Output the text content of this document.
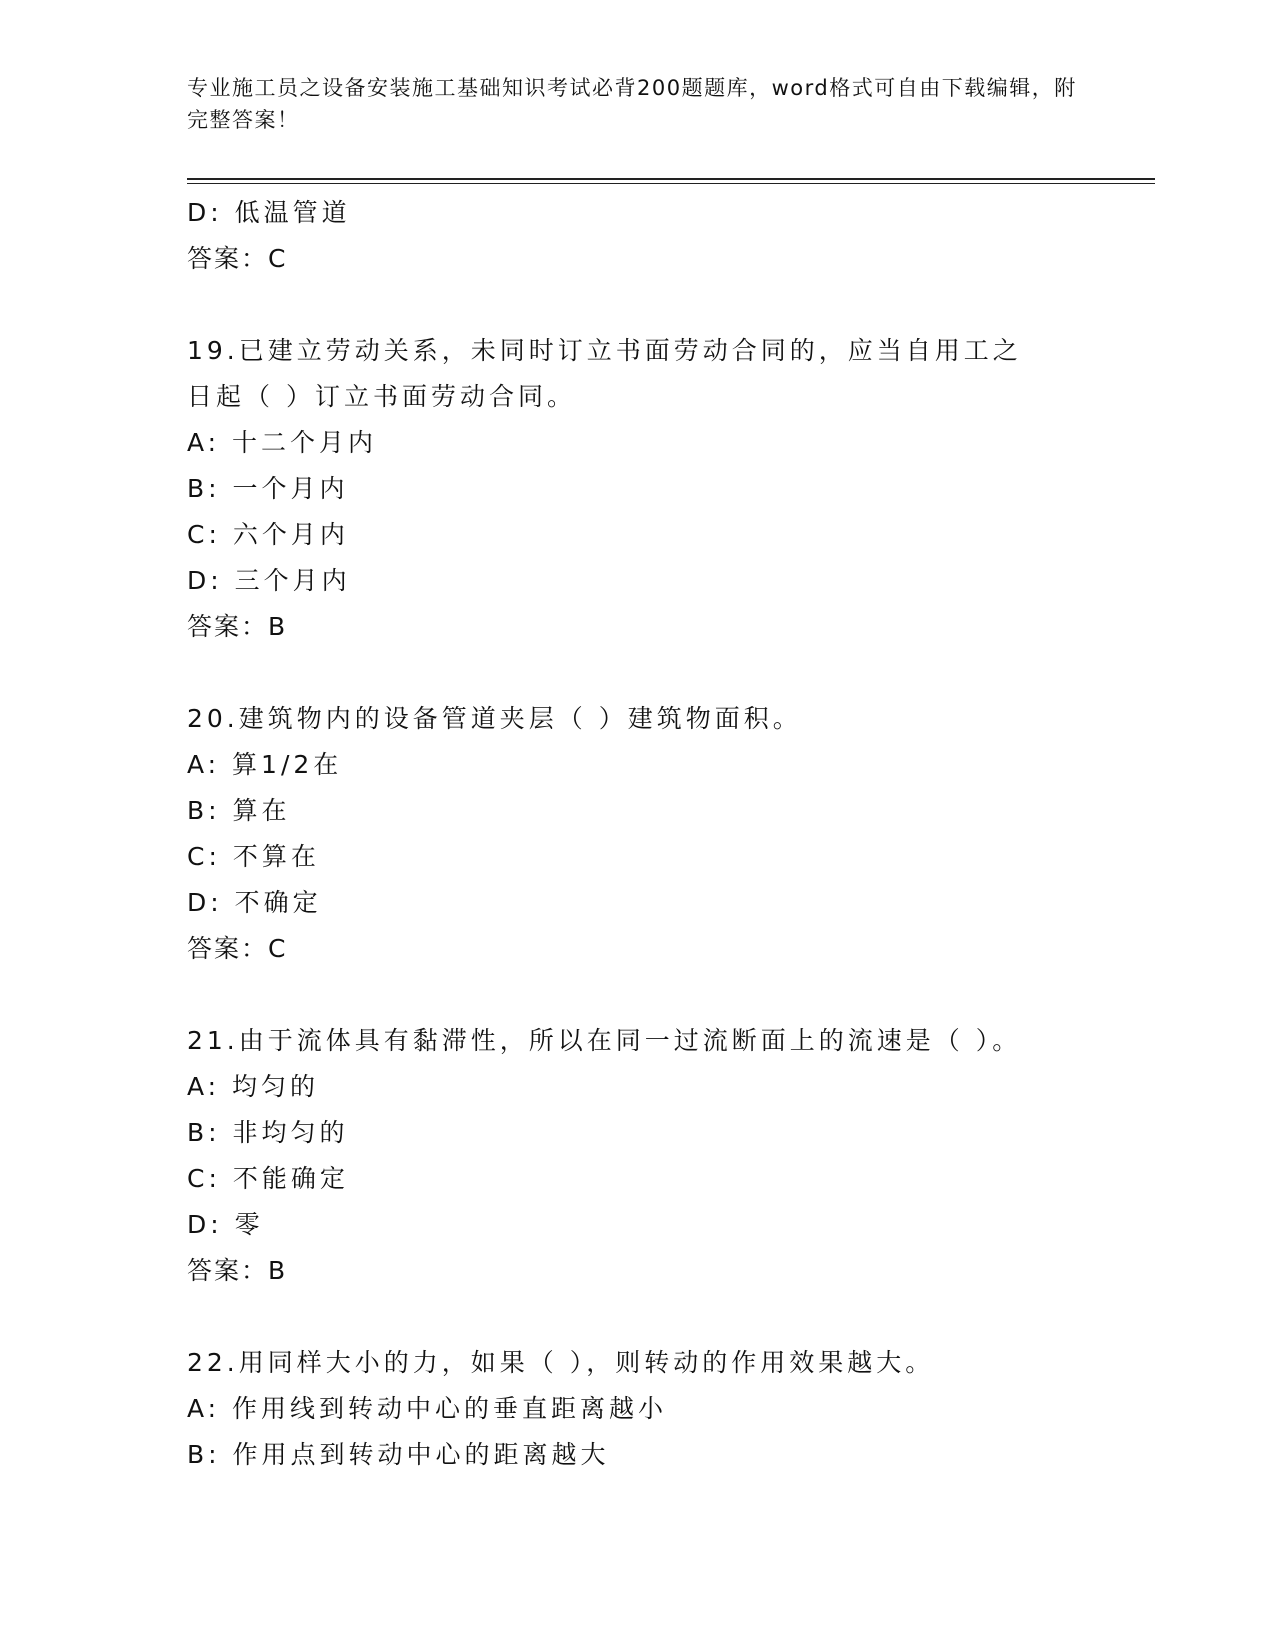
专业施工员之设备安装施工基础知识考试必背200题题库，word格式可自由下载编辑，附完整答案！
D: 低温管道
答案：C
19.已建立劳动关系，未同时订立书面劳动合同的，应当自用工之日起（ ）订立书面劳动合同。
A: 十二个月内
B: 一个月内
C: 六个月内
D: 三个月内
答案：B
20.建筑物内的设备管道夹层（ ）建筑物面积。
A: 算1/2在
B: 算在
C: 不算在
D: 不确定
答案：C
21.由于流体具有黏滞性，所以在同一过流断面上的流速是（ ）。
A: 均匀的
B: 非均匀的
C: 不能确定
D: 零
答案：B
22.用同样大小的力，如果（ ），则转动的作用效果越大。
A: 作用线到转动中心的垂直距离越小
B: 作用点到转动中心的距离越大
